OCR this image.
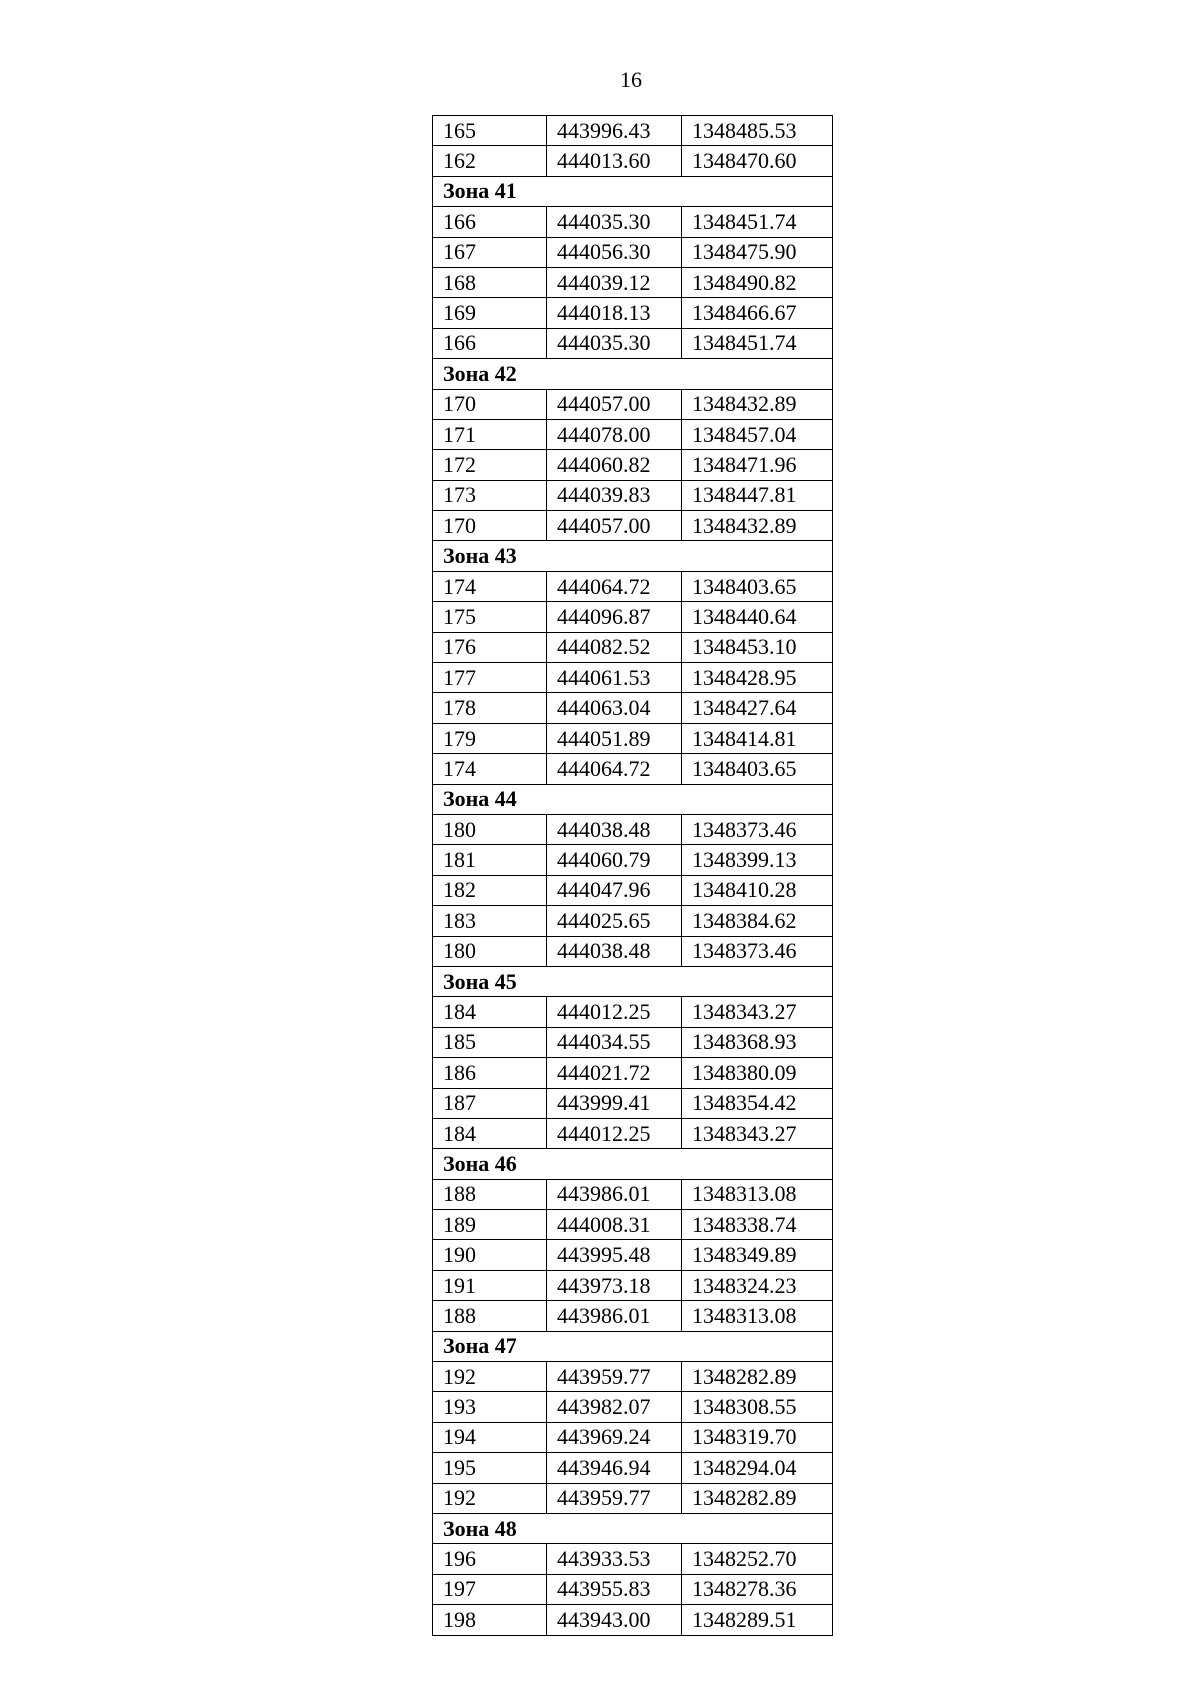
16
165	443996.43	1348485.53
162	444013.60	1348470.60
Зона 41		
166	444035.30	1348451.74
167	444056.30	1348475.90
168	444039.12	1348490.82
169	444018.13	1348466.67
166	444035.30	1348451.74
Зона 42		
170	444057.00	1348432.89
171	444078.00	1348457.04
172	444060.82	1348471.96
173	444039.83	1348447.81
170	444057.00	1348432.89
Зона 43		
174	444064.72	1348403.65
175	444096.87	1348440.64
176	444082.52	1348453.10
177	444061.53	1348428.95
178	444063.04	1348427.64
179	444051.89	1348414.81
174	444064.72	1348403.65
Зона 44		
180	444038.48	1348373.46
181	444060.79	1348399.13
182	444047.96	1348410.28
183	444025.65	1348384.62
180	444038.48	1348373.46
Зона 45		
184	444012.25	1348343.27
185	444034.55	1348368.93
186	444021.72	1348380.09
187	443999.41	1348354.42
184	444012.25	1348343.27
Зона 46		
188	443986.01	1348313.08
189	444008.31	1348338.74
190	443995.48	1348349.89
191	443973.18	1348324.23
188	443986.01	1348313.08
Зона 47		
192	443959.77	1348282.89
193	443982.07	1348308.55
194	443969.24	1348319.70
195	443946.94	1348294.04
192	443959.77	1348282.89
Зона 48		
196	443933.53	1348252.70
197	443955.83	1348278.36
198	443943.00	1348289.51
